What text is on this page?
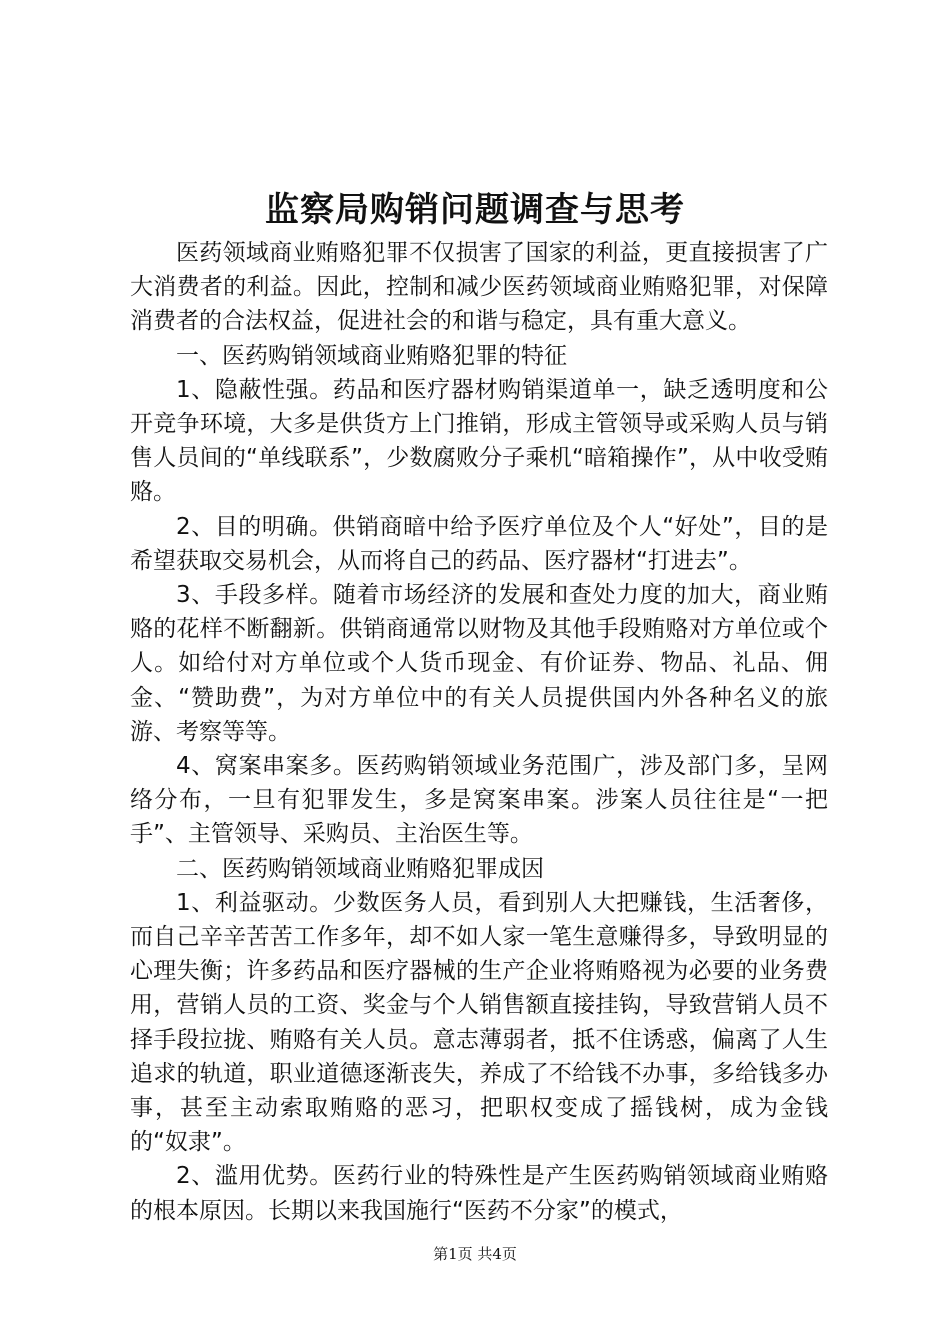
监察局购销问题调查与思考

医药领域商业贿赂犯罪不仅损害了国家的利益，更直接损害了广大消费者的利益。因此，控制和减少医药领域商业贿赂犯罪，对保障消费者的合法权益，促进社会的和谐与稳定，具有重大意义。

一、医药购销领域商业贿赂犯罪的特征

1、隐蔽性强。药品和医疗器材购销渠道单一，缺乏透明度和公开竞争环境，大多是供货方上门推销，形成主管领导或采购人员与销售人员间的“单线联系”，少数腐败分子乘机“暗箱操作”，从中收受贿赂。

2、目的明确。供销商暗中给予医疗单位及个人“好处”，目的是希望获取交易机会，从而将自己的药品、医疗器材“打进去”。

3、手段多样。随着市场经济的发展和查处力度的加大，商业贿赂的花样不断翻新。供销商通常以财物及其他手段贿赂对方单位或个人。如给付对方单位或个人货币现金、有价证券、物品、礼品、佣金、“赞助费”，为对方单位中的有关人员提供国内外各种名义的旅游、考察等等。

4、窝案串案多。医药购销领域业务范围广，涉及部门多，呈网络分布，一旦有犯罪发生，多是窝案串案。涉案人员往往是“一把手”、主管领导、采购员、主治医生等。

二、医药购销领域商业贿赂犯罪成因

1、利益驱动。少数医务人员，看到别人大把赚钱，生活奢侈，而自己辛辛苦苦工作多年，却不如人家一笔生意赚得多，导致明显的心理失衡；许多药品和医疗器械的生产企业将贿赂视为必要的业务费用，营销人员的工资、奖金与个人销售额直接挂钩，导致营销人员不择手段拉拢、贿赂有关人员。意志薄弱者，抵不住诱惑，偏离了人生追求的轨道，职业道德逐渐丧失，养成了不给钱不办事，多给钱多办事，甚至主动索取贿赂的恶习，把职权变成了摇钱树，成为金钱的“奴隶”。

2、滥用优势。医药行业的特殊性是产生医药购销领域商业贿赂的根本原因。长期以来我国施行“医药不分家”的模式，

第1页 共4页
